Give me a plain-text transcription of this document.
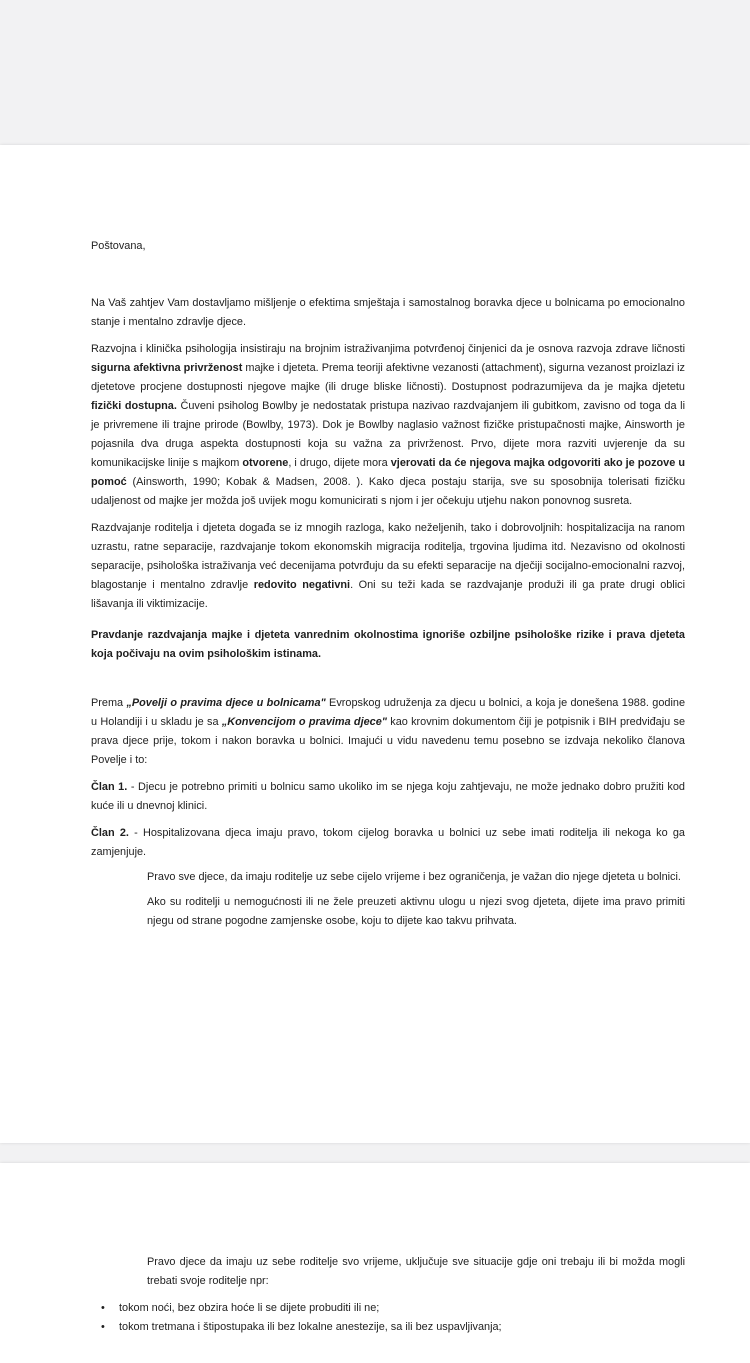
Poštovana,

Na Vaš zahtjev Vam dostavljamo mišljenje o efektima smještaja i samostalnog boravka djece u bolnicama po emocionalno stanje i mentalno zdravlje djece.

Razvojna i klinička psihologija insistiraju na brojnim istraživanjima potvrđenoj činjenici da je osnova razvoja zdrave ličnosti sigurna afektivna privrženost majke i djeteta. Prema teoriji afektivne vezanosti (attachment), sigurna vezanost proizlazi iz djetetove procjene dostupnosti njegove majke (ili druge bliske ličnosti). Dostupnost podrazumijeva da je majka djetetu fizički dostupna. Čuveni psiholog Bowlby je nedostatak pristupa nazivao razdvajanjem ili gubitkom, zavisno od toga da li je privremene ili trajne prirode (Bowlby, 1973). Dok je Bowlby naglasio važnost fizičke pristupačnosti majke, Ainsworth je pojasnila dva druga aspekta dostupnosti koja su važna za privrženost. Prvo, dijete mora razviti uvjerenje da su komunikacijske linije s majkom otvorene, i drugo, dijete mora vjerovati da će njegova majka odgovoriti ako je pozove u pomoć (Ainsworth, 1990; Kobak & Madsen, 2008. ). Kako djeca postaju starija, sve su sposobnija tolerisati fizičku udaljenost od majke jer možda još uvijek mogu komunicirati s njom i jer očekuju utjehu nakon ponovnog susreta.

Razdvajanje roditelja i djeteta događa se iz mnogih razloga, kako neželjenih, tako i dobrovoljnih: hospitalizacija na ranom uzrastu, ratne separacije, razdvajanje tokom ekonomskih migracija roditelja, trgovina ljudima itd. Nezavisno od okolnosti separacije, psihološka istraživanja već decenijama potvrđuju da su efekti separacije na dječiji socijalno-emocionalni razvoj, blagostanje i mentalno zdravlje redovito negativni. Oni su teži kada se razdvajanje produži ili ga prate drugi oblici lišavanja ili viktimizacije.

Pravdanje razdvajanja majke i djeteta vanrednim okolnostima ignoriše ozbiljne psihološke rizike i prava djeteta koja počivaju na ovim psihološkim istinama.

Prema „Povelji o pravima djece u bolnicama" Evropskog udruženja za djecu u bolnici, a koja je donešena 1988. godine u Holandiji i u skladu je sa „Konvencijom o pravima djece" kao krovnim dokumentom čiji je potpisnik i BIH predviđaju se prava djece prije, tokom i nakon boravka u bolnici. Imajući u vidu navedenu temu posebno se izdvaja nekoliko članova Povelje i to:

Član 1. - Djecu je potrebno primiti u bolnicu samo ukoliko im se njega koju zahtjevaju, ne može jednako dobro pružiti kod kuće ili u dnevnoj klinici.

Član 2. - Hospitalizovana djeca imaju pravo, tokom cijelog boravka u bolnici uz sebe imati roditelja ili nekoga ko ga zamjenjuje.

Pravo sve djece, da imaju roditelje uz sebe cijelo vrijeme i bez ograničenja, je važan dio njege djeteta u bolnici.

Ako su roditelji u nemogućnosti ili ne žele preuzeti aktivnu ulogu u njezi svog djeteta, dijete ima pravo primiti njegu od strane pogodne zamjenske osobe, koju to dijete kao takvu prihvata.

Pravo djece da imaju uz sebe roditelje svo vrijeme, uključuje sve situacije gdje oni trebaju ili bi možda mogli trebati svoje roditelje npr:

• tokom noći, bez obzira hoće li se dijete probuditi ili ne;
• tokom tretmana i štipostupaka ili bez lokalne anestezije, sa ili bez uspavljivanja;
